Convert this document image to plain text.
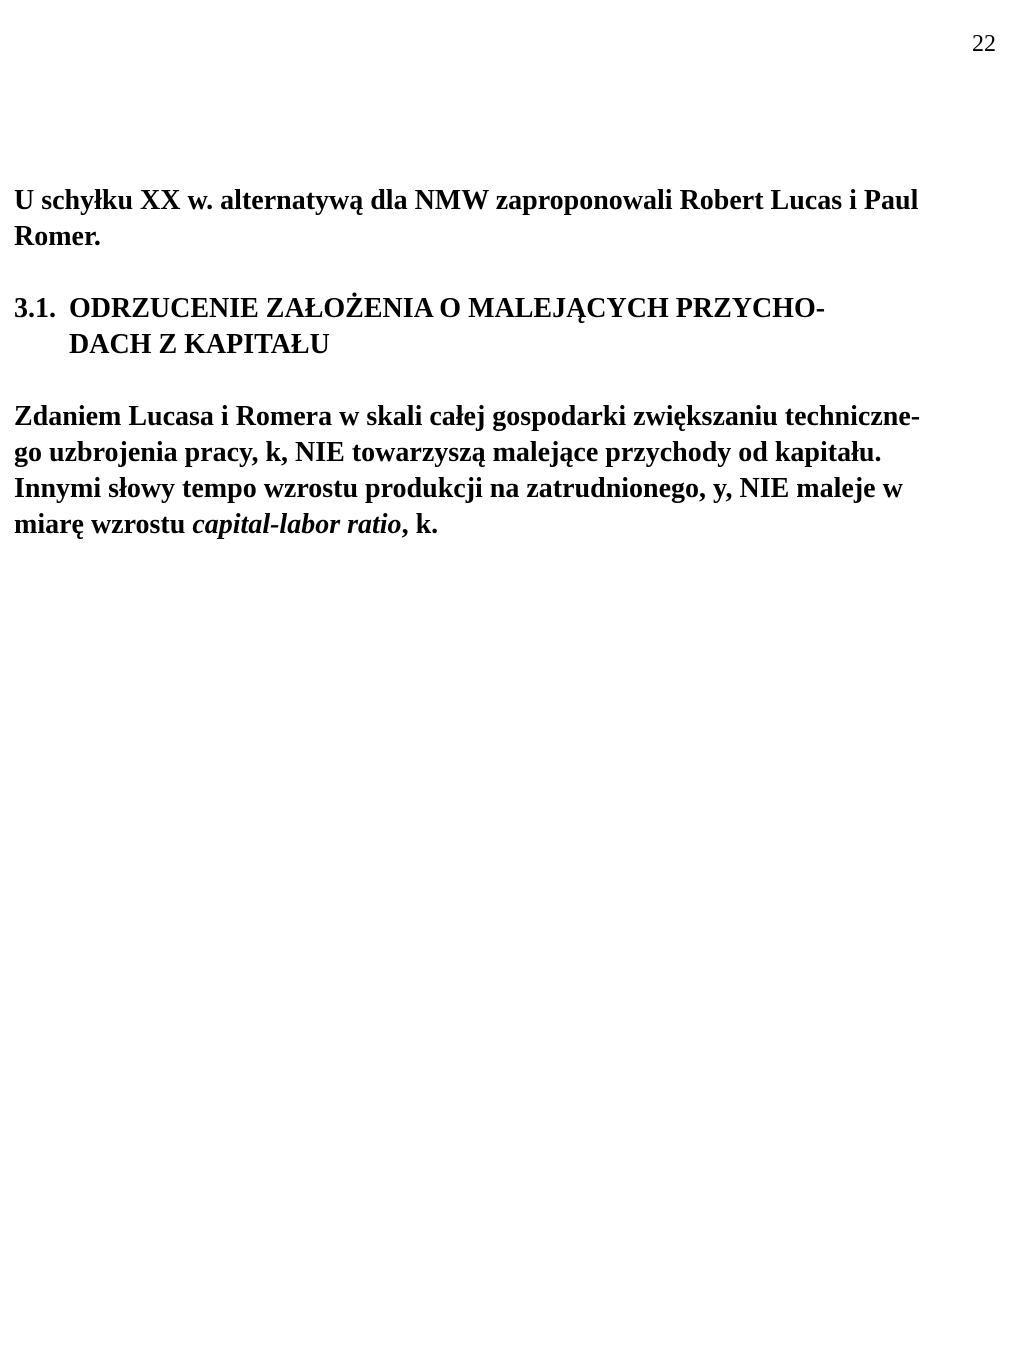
22

U schyłku XX w. alternatywą dla NMW zaproponowali Robert Lucas i Paul
Romer.

3.1. ODRZUCENIE ZAŁOŻENIA O MALEJĄCYCH PRZYCHO-

DACH Z KAPITAŁU

Zdaniem Lucasa i Romera w skali całej gospodarki zwiększaniu techniczne-
go uzbrojenia pracy, k, NIE towarzyszą malejące przychody od kapitału.
Innymi słowy tempo wzrostu produkcji na zatrudnionego, y, NIE maleje w
miarę wzrostu capital-labor ratio, k.
